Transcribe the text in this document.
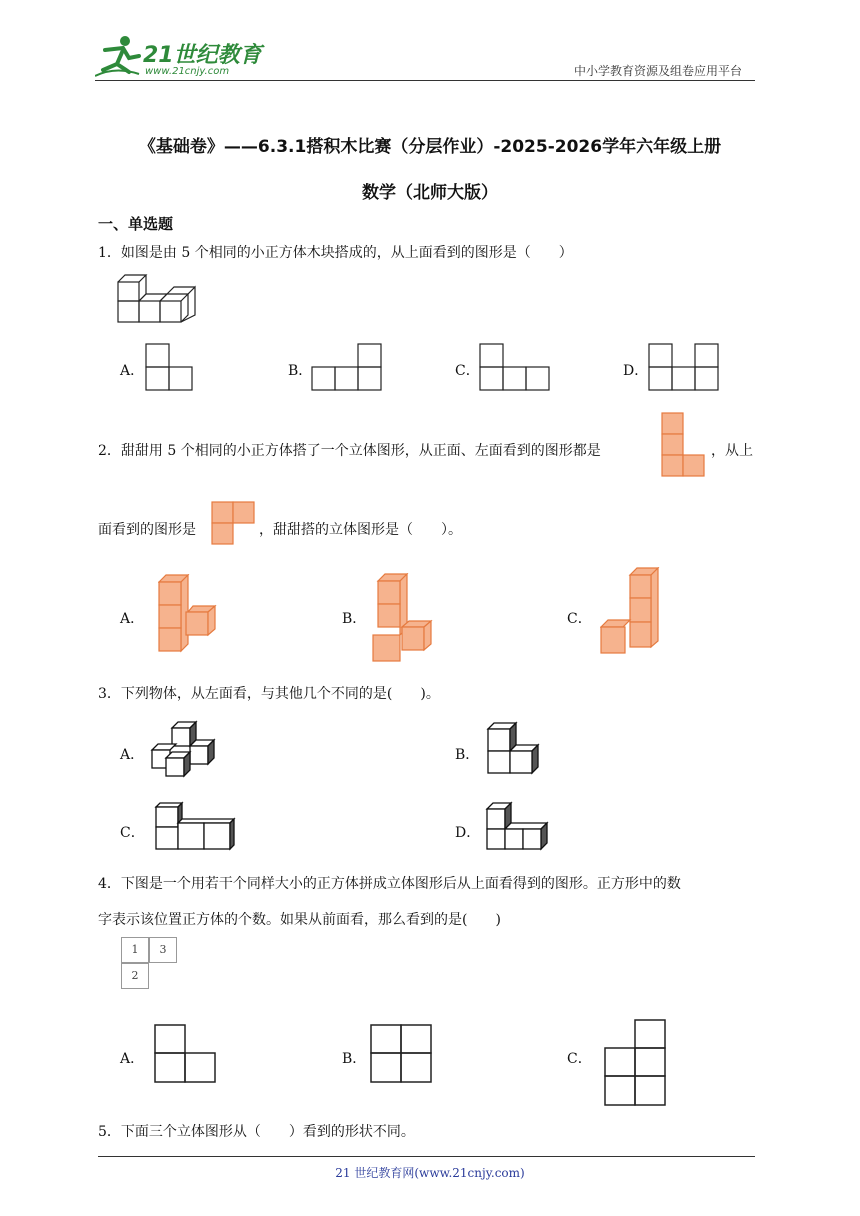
21世纪教育
www.21cnjy.com	中小学教育资源及组卷应用平台
《基础卷》——6.3.1搭积木比赛（分层作业）-2025-2026学年六年级上册
数学（北师大版）
一、单选题
1．如图是由 5 个相同的小正方体木块搭成的，从上面看到的图形是（　　）
A．	B．	C．	D．
2．甜甜用 5 个相同的小正方体搭了一个立体图形，从正面、左面看到的图形都是	，从上
面看到的图形是	，甜甜搭的立体图形是（　　）。
A．	B．	C．
3．下列物体，从左面看，与其他几个不同的是(　　)。
A．	B．
C．	D．
4．下图是一个用若干个同样大小的正方体拼成立体图形后从上面看得到的图形。正方形中的数
字表示该位置正方体的个数。如果从前面看，那么看到的是(　　)
1	3
2
A．	B．	C．
5．下面三个立体图形从（　　）看到的形状不同。
21 世纪教育网(www.21cnjy.com)
